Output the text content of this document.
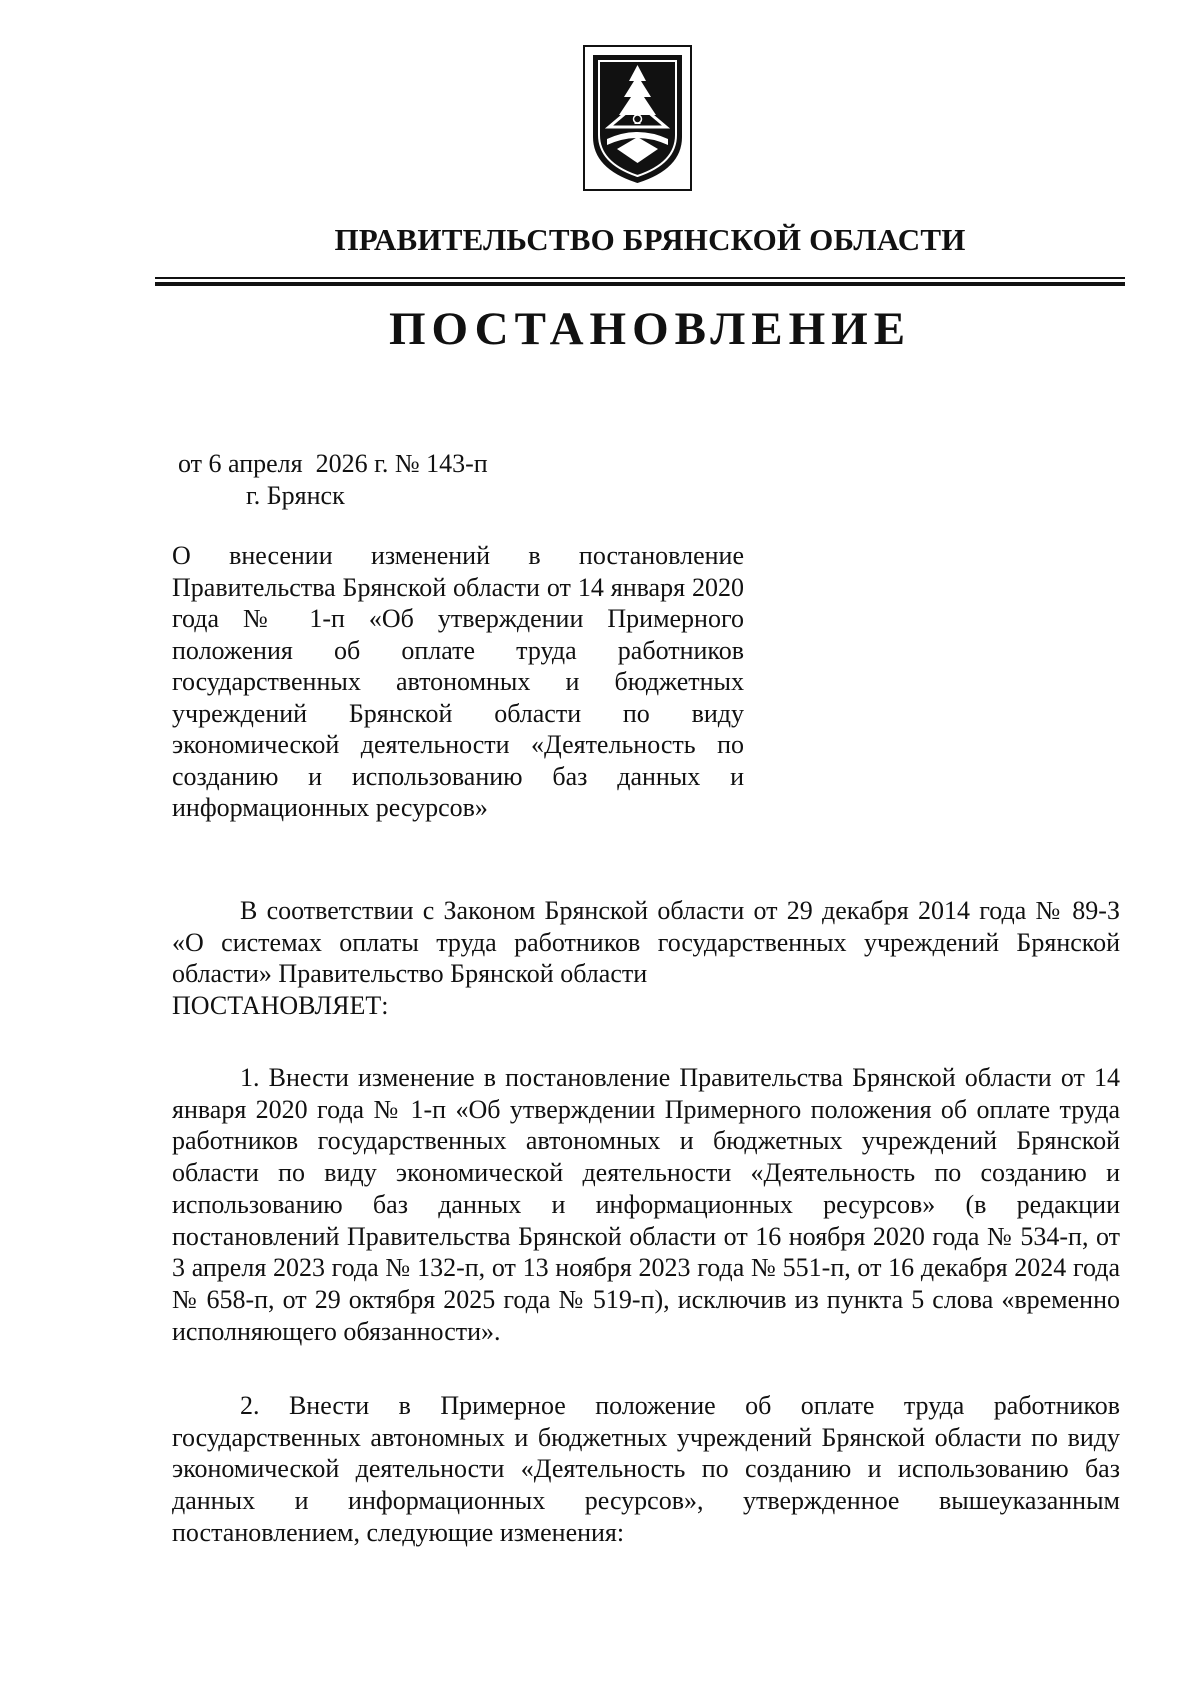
ПРАВИТЕЛЬСТВО БРЯНСКОЙ ОБЛАСТИ
ПОСТАНОВЛЕНИЕ
от 6 апреля  2026 г. № 143-п
г. Брянск
О внесении изменений в постановление Правительства Брянской области от 14 января 2020 года № 1-п «Об утверждении Примерного положения об оплате труда работников государственных автономных и бюджетных учреждений Брянской области по виду экономической деятельности «Деятельность по созданию и использованию баз данных и информационных ресурсов»
В соответствии с Законом Брянской области от 29 декабря 2014 года № 89-З «О системах оплаты труда работников государственных учреждений Брянской области» Правительство Брянской области
ПОСТАНОВЛЯЕТ:
1. Внести изменение в постановление Правительства Брянской области от 14 января 2020 года № 1-п «Об утверждении Примерного положения об оплате труда работников государственных автономных и бюджетных учреждений Брянской области по виду экономической деятельности «Деятельность по созданию и использованию баз данных и информационных ресурсов» (в редакции постановлений Правительства Брянской области от 16 ноября 2020 года № 534-п, от 3 апреля 2023 года № 132-п, от 13 ноября 2023 года № 551-п, от 16 декабря 2024 года № 658-п, от 29 октября 2025 года № 519-п), исключив из пункта 5 слова «временно исполняющего обязанности».
2. Внести в Примерное положение об оплате труда работников государственных автономных и бюджетных учреждений Брянской области по виду экономической деятельности «Деятельность по созданию и использованию баз данных и информационных ресурсов», утвержденное вышеуказанным постановлением, следующие изменения:
